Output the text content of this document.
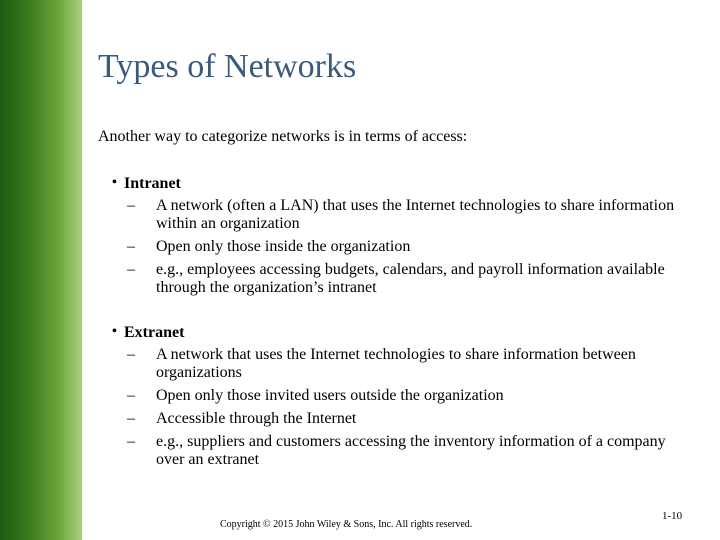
Types of Networks
Another way to categorize networks is in terms of access:
• Intranet
– A network (often a LAN) that uses the Internet technologies to share information within an organization
– Open only those inside the organization
– e.g., employees accessing budgets, calendars, and payroll information available through the organization’s intranet
• Extranet
– A network that uses the Internet technologies to share information between organizations
– Open only those invited users outside the organization
– Accessible through the Internet
– e.g., suppliers and customers accessing the inventory information of a company over an extranet
Copyright © 2015 John Wiley & Sons, Inc. All rights reserved.
1-10
